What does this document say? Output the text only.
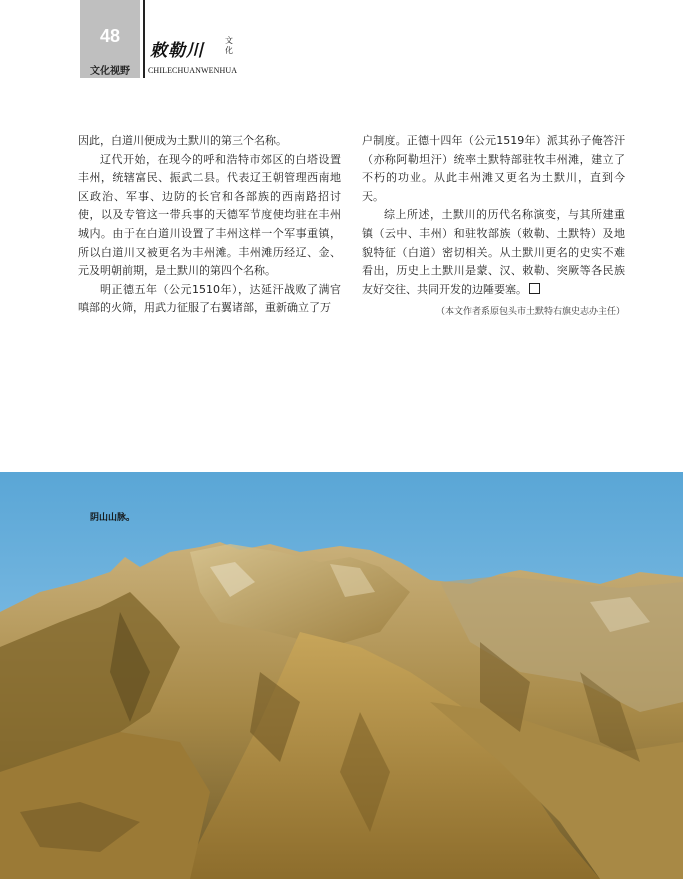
48
文化视野
敕勒川
文化
CHILECHUANWENHUA

因此，白道川便成为土默川的第三个名称。

辽代开始，在现今的呼和浩特市郊区的白塔设置丰州，统辖富民、振武二县。代表辽王朝管理西南地区政治、军事、边防的长官和各部族的西南路招讨使，以及专管这一带兵事的天德军节度使均驻在丰州城内。由于在白道川设置了丰州这样一个军事重镇，所以白道川又被更名为丰州滩。丰州滩历经辽、金、元及明朝前期，是土默川的第四个名称。

明正德五年（公元1510年），达延汗战败了满官嗔部的火筛，用武力征服了右翼诸部，重新确立了万

户制度。正德十四年（公元1519年）派其孙子俺答汗（亦称阿勒坦汗）统率土默特部驻牧丰州滩，建立了不朽的功业。从此丰州滩又更名为土默川，直到今天。

综上所述，土默川的历代名称演变，与其所建重镇（云中、丰州）和驻牧部族（敕勒、土默特）及地貌特征（白道）密切相关。从土默川更名的史实不难看出，历史上土默川是蒙、汉、敕勒、突厥等各民族友好交往、共同开发的边陲要塞。

（本文作者系原包头市土默特右旗史志办主任）
阴山山脉。
